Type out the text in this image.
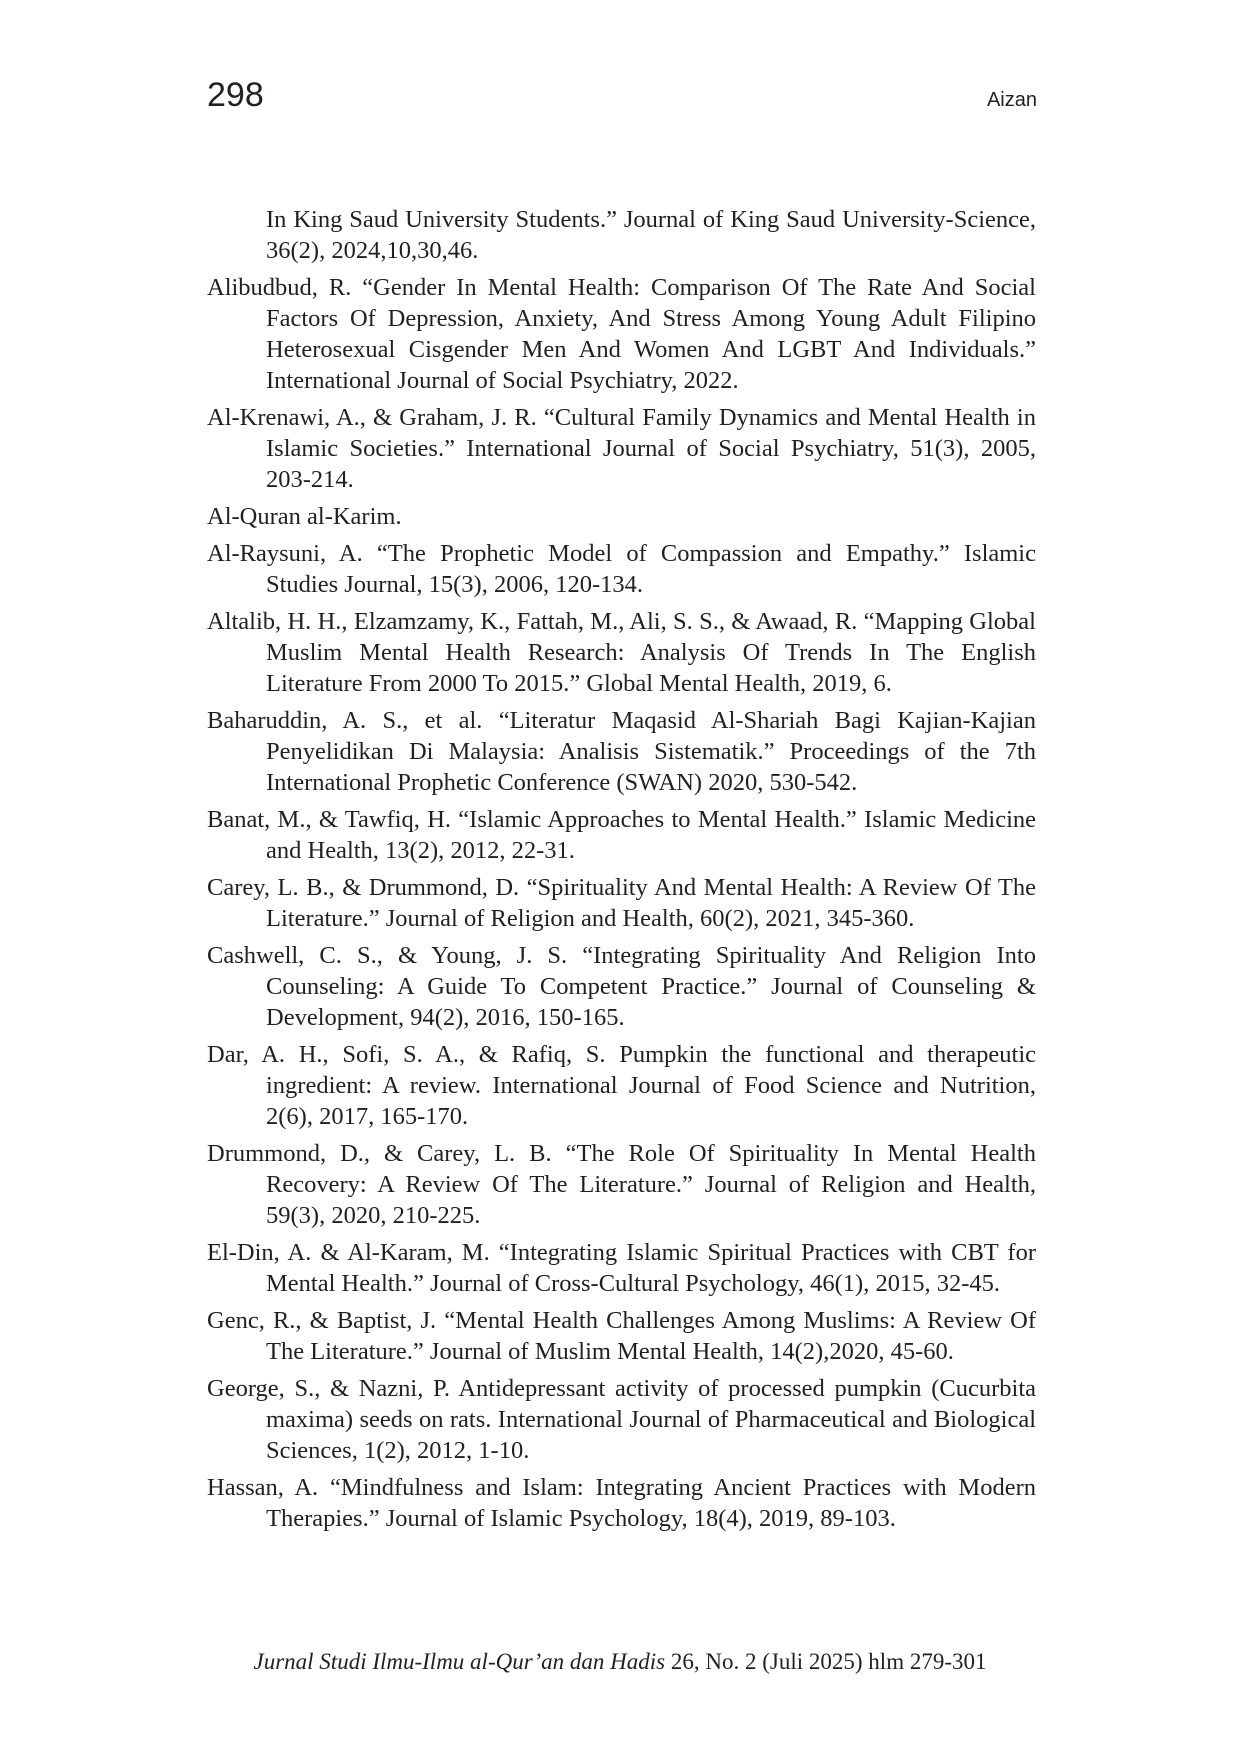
298	Aizan

In King Saud University Students.” Journal of King Saud University-Science, 36(2), 2024,10,30,46.

Alibudbud, R. “Gender In Mental Health: Comparison Of The Rate And Social Factors Of Depression, Anxiety, And Stress Among Young Adult Filipino Heterosexual Cisgender Men And Women And LGBT And Individuals.” International Journal of Social Psychiatry, 2022.

Al-Krenawi, A., & Graham, J. R. “Cultural Family Dynamics and Mental Health in Islamic Societies.” International Journal of Social Psychiatry, 51(3), 2005, 203-214.

Al-Quran al-Karim.

Al-Raysuni, A. “The Prophetic Model of Compassion and Empathy.” Islamic Studies Journal, 15(3), 2006, 120-134.

Altalib, H. H., Elzamzamy, K., Fattah, M., Ali, S. S., & Awaad, R. “Mapping Global Muslim Mental Health Research: Analysis Of Trends In The English Literature From 2000 To 2015.” Global Mental Health, 2019, 6.

Baharuddin, A. S., et al. “Literatur Maqasid Al-Shariah Bagi Kajian-Kajian Penyelidikan Di Malaysia: Analisis Sistematik.” Proceedings of the 7th International Prophetic Conference (SWAN) 2020, 530-542.

Banat, M., & Tawfiq, H. “Islamic Approaches to Mental Health.” Islamic Medicine and Health, 13(2), 2012, 22-31.

Carey, L. B., & Drummond, D. “Spirituality And Mental Health: A Review Of The Literature.” Journal of Religion and Health, 60(2), 2021, 345-360.

Cashwell, C. S., & Young, J. S. “Integrating Spirituality And Religion Into Counseling: A Guide To Competent Practice.” Journal of Counseling & Development, 94(2), 2016, 150-165.

Dar, A. H., Sofi, S. A., & Rafiq, S. Pumpkin the functional and therapeutic ingredient: A review. International Journal of Food Science and Nutrition, 2(6), 2017, 165-170.

Drummond, D., & Carey, L. B. “The Role Of Spirituality In Mental Health Recovery: A Review Of The Literature.” Journal of Religion and Health, 59(3), 2020, 210-225.

El-Din, A. & Al-Karam, M. “Integrating Islamic Spiritual Practices with CBT for Mental Health.” Journal of Cross-Cultural Psychology, 46(1), 2015, 32-45.

Genc, R., & Baptist, J. “Mental Health Challenges Among Muslims: A Review Of The Literature.” Journal of Muslim Mental Health, 14(2),2020, 45-60.

George, S., & Nazni, P. Antidepressant activity of processed pumpkin (Cucurbita maxima) seeds on rats. International Journal of Pharmaceutical and Biological Sciences, 1(2), 2012, 1-10.

Hassan, A. “Mindfulness and Islam: Integrating Ancient Practices with Modern Therapies.” Journal of Islamic Psychology, 18(4), 2019, 89-103.

Jurnal Studi Ilmu-Ilmu al-Qur’an dan Hadis 26, No. 2 (Juli 2025) hlm 279-301
